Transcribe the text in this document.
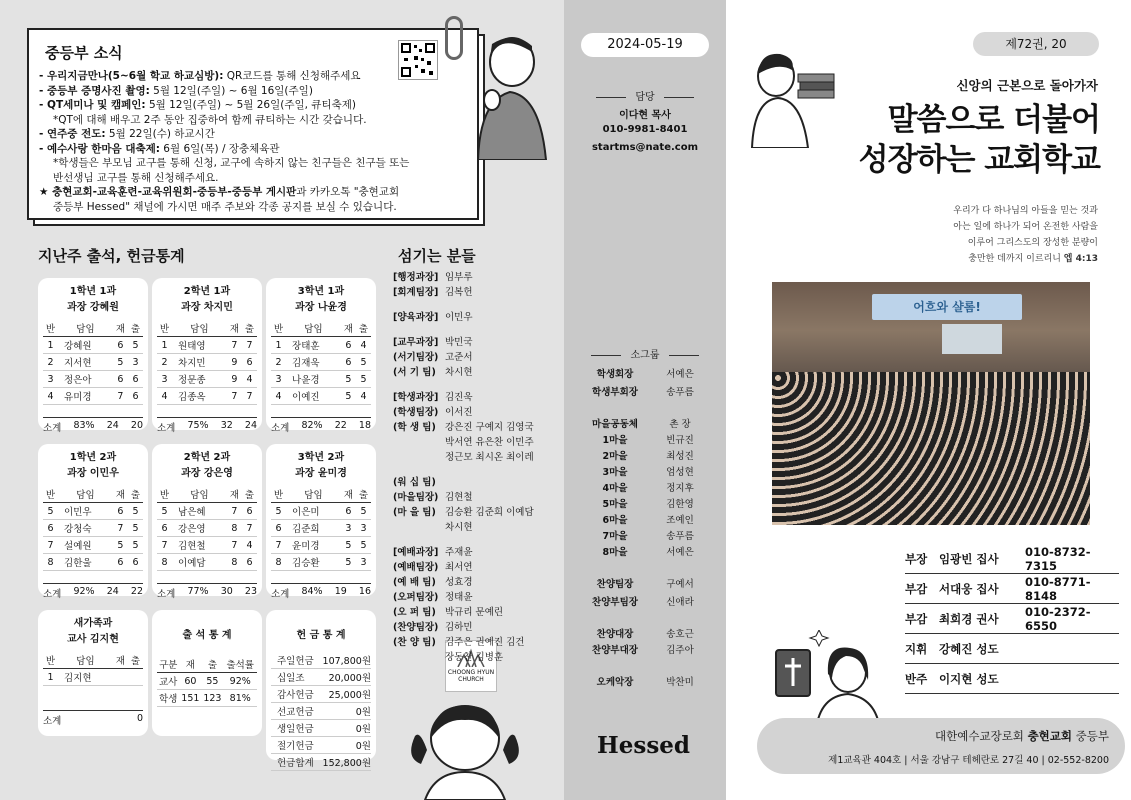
중등부 소식
- 우리지금만나(5~6월 학교 하교심방): QR코드를 통해 신청해주세요
- 중등부 증명사진 촬영: 5월 12일(주일) ~ 6월 16일(주일)
- QT세미나 및 캠페인: 5월 12일(주일) ~ 5월 26일(주일, 큐티축제)
*QT에 대해 배우고 2주 동안 집중하여 함께 큐티하는 시간 갖습니다.
- 연주중 전도: 5월 22일(수) 하교시간
- 예수사랑 한마음 대축제: 6월 6일(목) / 장충체육관
*학생들은 부모님 교구를 통해 신청, 교구에 속하지 않는 친구들은 친구들 또는
반선생님 교구를 통해 신청해주세요.
★ 충현교회-교육훈련-교육위원회-중등부-중등부 게시판과 카카오톡 "충현교회
중등부 Hessed" 채널에 가시면 매주 주보와 각종 공지를 보실 수 있습니다.
지난주 출석, 헌금통계
1학년 1과
과장 강혜원
반	담임	재	출
1	강혜원	6	5
2	지서현	5	3
3	정은아	6	6
4	유미경	7	6
소계 83% 24 20
2학년 1과
과장 차지민
반	담임	재	출
1	원태영	7	7
2	차지민	9	6
3	정문종	9	4
4	김종옥	7	7
소계 75% 32 24
3학년 1과
과장 나윤경
반	담임	재	출
1	장태훈	6	4
2	김재욱	6	5
3	나윤경	5	5
4	이예진	5	4
소계 82% 22 18
1학년 2과
과장 이민우
반	담임	재	출
5	이민우	6	5
6	강청숙	7	5
7	설예원	5	5
8	김한울	6	6
소계 92% 24 22
2학년 2과
과장 강은영
반	담임	재	출
5	남은혜	7	6
6	강은영	8	7
7	김현철	7	4
8	이예담	8	6
소계 77% 30 23
3학년 2과
과장 윤미경
반	담임	재	출
5	이은미	6	5
6	김준희	3	3
7	윤미경	5	5
8	김승환	5	3
소계 84% 19 16
새가족과
교사 김지현
반	담임	재	출
1	김지현		
소계	0
출 석 통 계
구분	재	출	출석률
교사	60	55	92%
학생	151	123	81%
헌 금 통 계
주일헌금	107,800원
십일조	20,000원
감사헌금	25,000원
선교헌금	0원
생일헌금	0원
절기헌금	0원
헌금합계	152,800원
CHOONG HYUN
CHURCH
섬기는 분들
[행정과장] 임부루
[회계팀장] 김복헌
[양육과장] 이민우
[교무과장] 박민국
(서기팀장) 고준서
(서 기 팀) 차시현
[학생과장] 김진욱
(학생팀장) 이서진
(학 생 팀) 강은진 구예지 김영국
박서연 유은찬 이민주
정근모 최시온 최이레
(워 십 팀)
(마을팀장) 김현철
(마 을 팀) 김승환 김준희 이예담
차시현
[예배과장] 주재윤
(예배팀장) 최서연
(예 배 팀) 성효경
(오퍼팀장) 정태윤
(오 퍼 팀) 박규리 문예린
(찬양팀장) 김하민
(찬 양 팀) 김주은 권예진 김건
장동찬 김병훈
2024-05-19
담당
이다현 목사
010-9981-8401
startms@nate.com
소그룹
학생회장	서예은
학생부회장	송푸름
마을공동체	촌 장
1마을	빈규진
2마을	최성진
3마을	엄성현
4마을	정지후
5마을	김한영
6마을	조예인
7마을	송푸름
8마을	서예은
찬양팀장	구예서
찬양부팀장	신애라
찬양대장	송호근
찬양부대장	김주아
오케악장	박찬미
Hessed
제72권, 20
신앙의 근본으로 돌아가자
말씀으로 더불어
성장하는 교회학교
우리가 다 하나님의 아들을 믿는 것과
아는 일에 하나가 되어 온전한 사람을
이루어 그리스도의 장성한 분량이
충만한 데까지 이르리니 엡 4:13
어흐와 샬롬!
부장	임광빈 집사	010-8732-7315
부감	서대웅 집사	010-8771-8148
부감	최희경 권사	010-2372-6550
지휘	강혜진 성도
반주	이지현 성도
대한예수교장로회 충현교회 중등부
제1교육관 404호 | 서울 강남구 테헤란로 27길 40 | 02-552-8200
